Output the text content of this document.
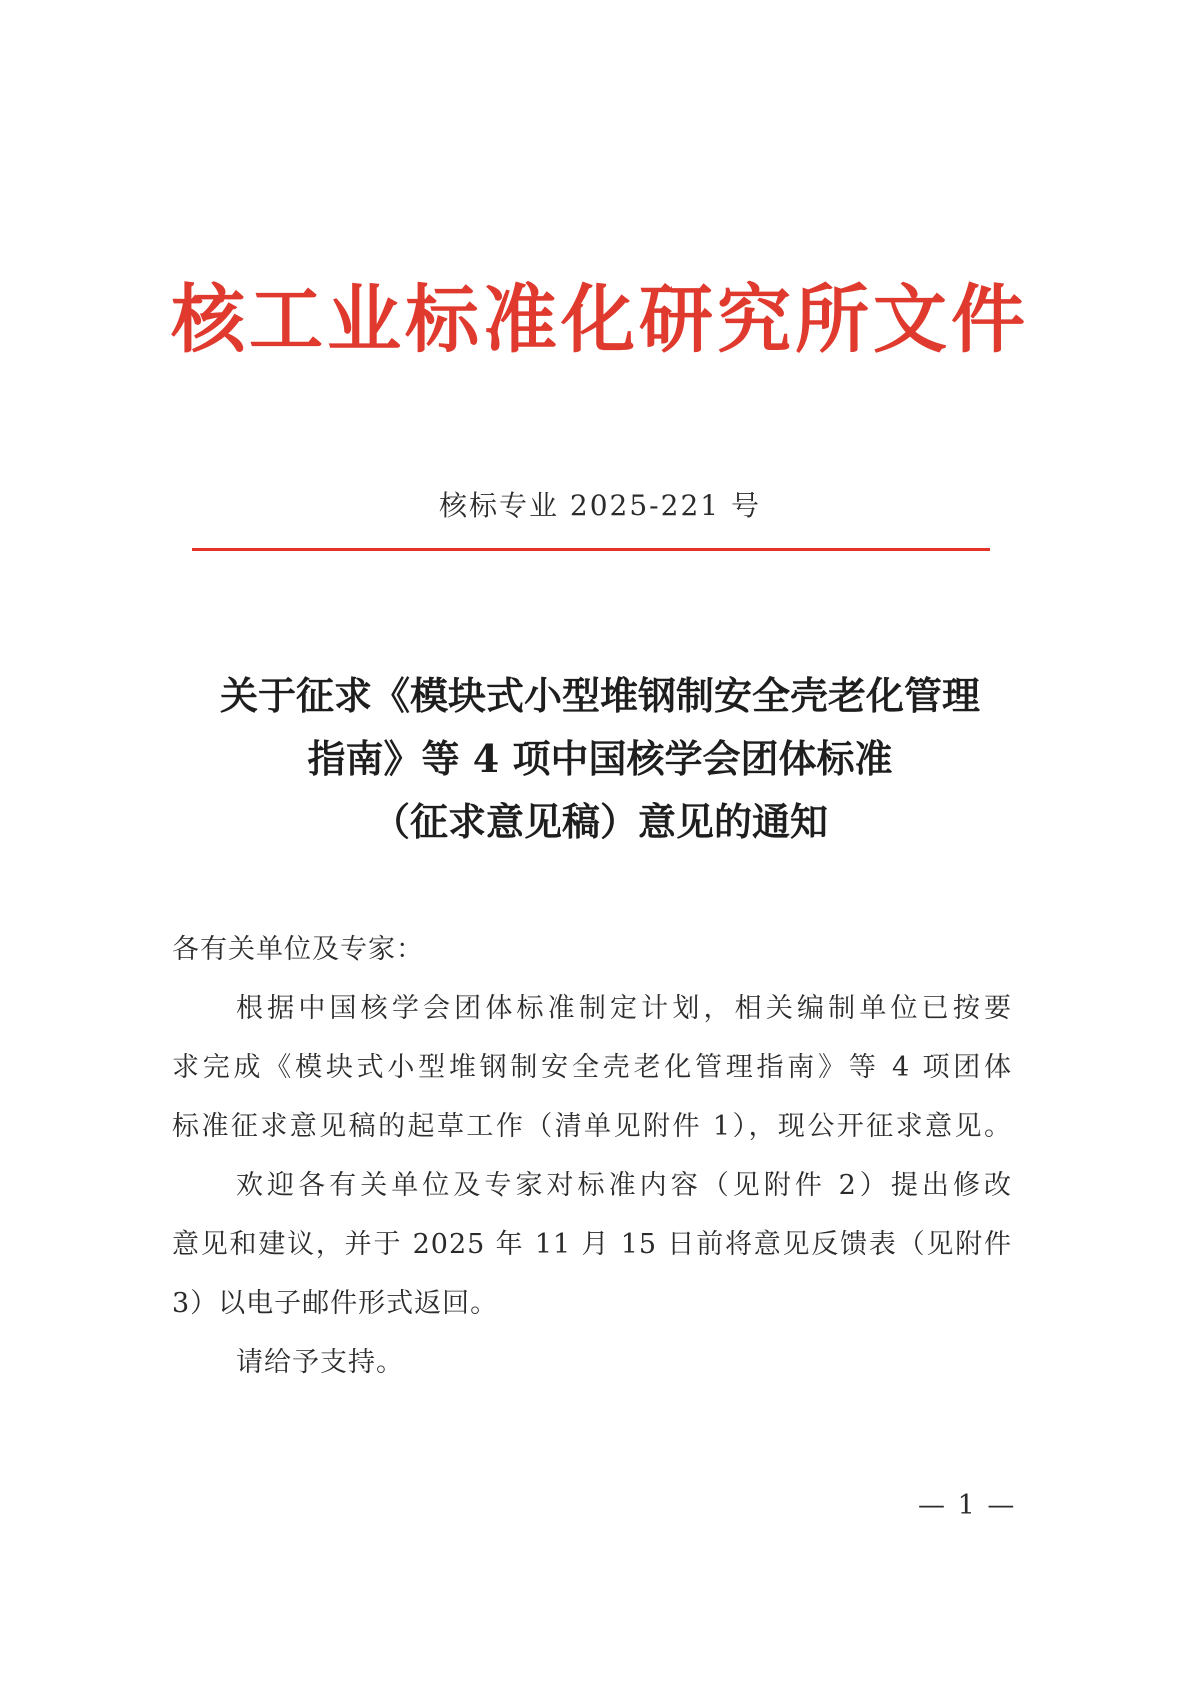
核工业标准化研究所文件
核标专业 2025-221 号
关于征求《模块式小型堆钢制安全壳老化管理
指南》等 4 项中国核学会团体标准
（征求意见稿）意见的通知
各有关单位及专家：
根据中国核学会团体标准制定计划，相关编制单位已按要
求完成《模块式小型堆钢制安全壳老化管理指南》等 4 项团体
标准征求意见稿的起草工作（清单见附件 1），现公开征求意见。
欢迎各有关单位及专家对标准内容（见附件 2）提出修改
意见和建议，并于 2025 年 11 月 15 日前将意见反馈表（见附件
3）以电子邮件形式返回。
请给予支持。
— 1 —
